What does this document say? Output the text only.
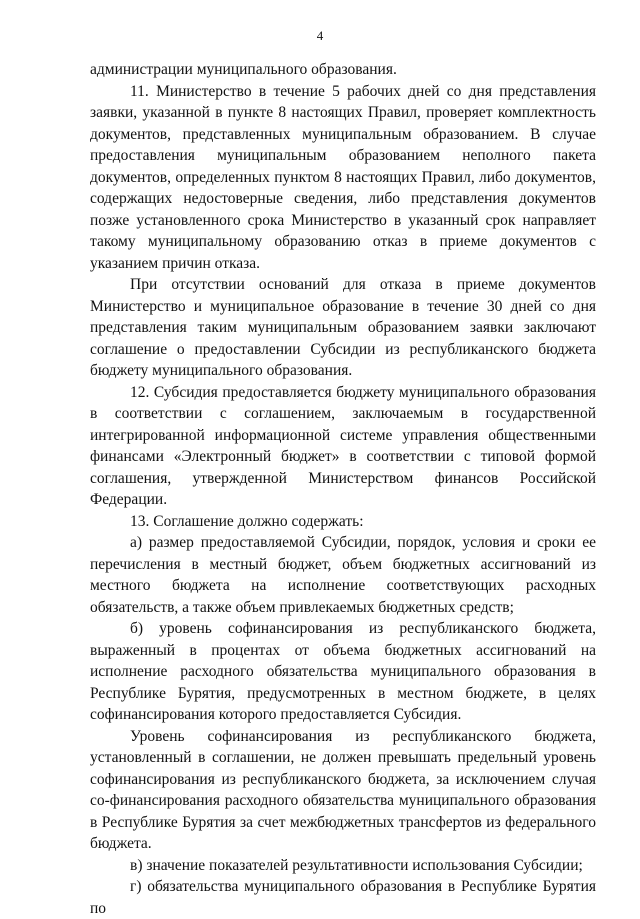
4

администрации муниципального образования.

11. Министерство в течение 5 рабочих дней со дня представления заявки, указанной в пункте 8 настоящих Правил, проверяет комплектность документов, представленных муниципальным образованием. В случае предоставления муниципальным образованием неполного пакета документов, определенных пунктом 8 настоящих Правил, либо документов, содержащих недостоверные сведения, либо представления документов позже установленного срока Министерство в указанный срок направляет такому муниципальному образованию отказ в приеме документов с указанием причин отказа.

При отсутствии оснований для отказа в приеме документов Министерство и муниципальное образование в течение 30 дней со дня представления таким муниципальным образованием заявки заключают соглашение о предоставлении Субсидии из республиканского бюджета бюджету муниципального образования.

12. Субсидия предоставляется бюджету муниципального образования в соответствии с соглашением, заключаемым в государственной интегрированной информационной системе управления общественными финансами «Электронный бюджет» в соответствии с типовой формой соглашения, утвержденной Министерством финансов Российской Федерации.

13. Соглашение должно содержать:

а) размер предоставляемой Субсидии, порядок, условия и сроки ее перечисления в местный бюджет, объем бюджетных ассигнований из местного бюджета на исполнение соответствующих расходных обязательств, а также объем привлекаемых бюджетных средств;

б) уровень софинансирования из республиканского бюджета, выраженный в процентах от объема бюджетных ассигнований на исполнение расходного обязательства муниципального образования в Республике Бурятия, предусмотренных в местном бюджете, в целях софинансирования которого предоставляется Субсидия.

Уровень софинансирования из республиканского бюджета, установленный в соглашении, не должен превышать предельный уровень софинансирования из республиканского бюджета, за исключением случая со-финансирования расходного обязательства муниципального образования в Республике Бурятия за счет межбюджетных трансфертов из федерального бюджета.

в) значение показателей результативности использования Субсидии;

г) обязательства муниципального образования в Республике Бурятия по
